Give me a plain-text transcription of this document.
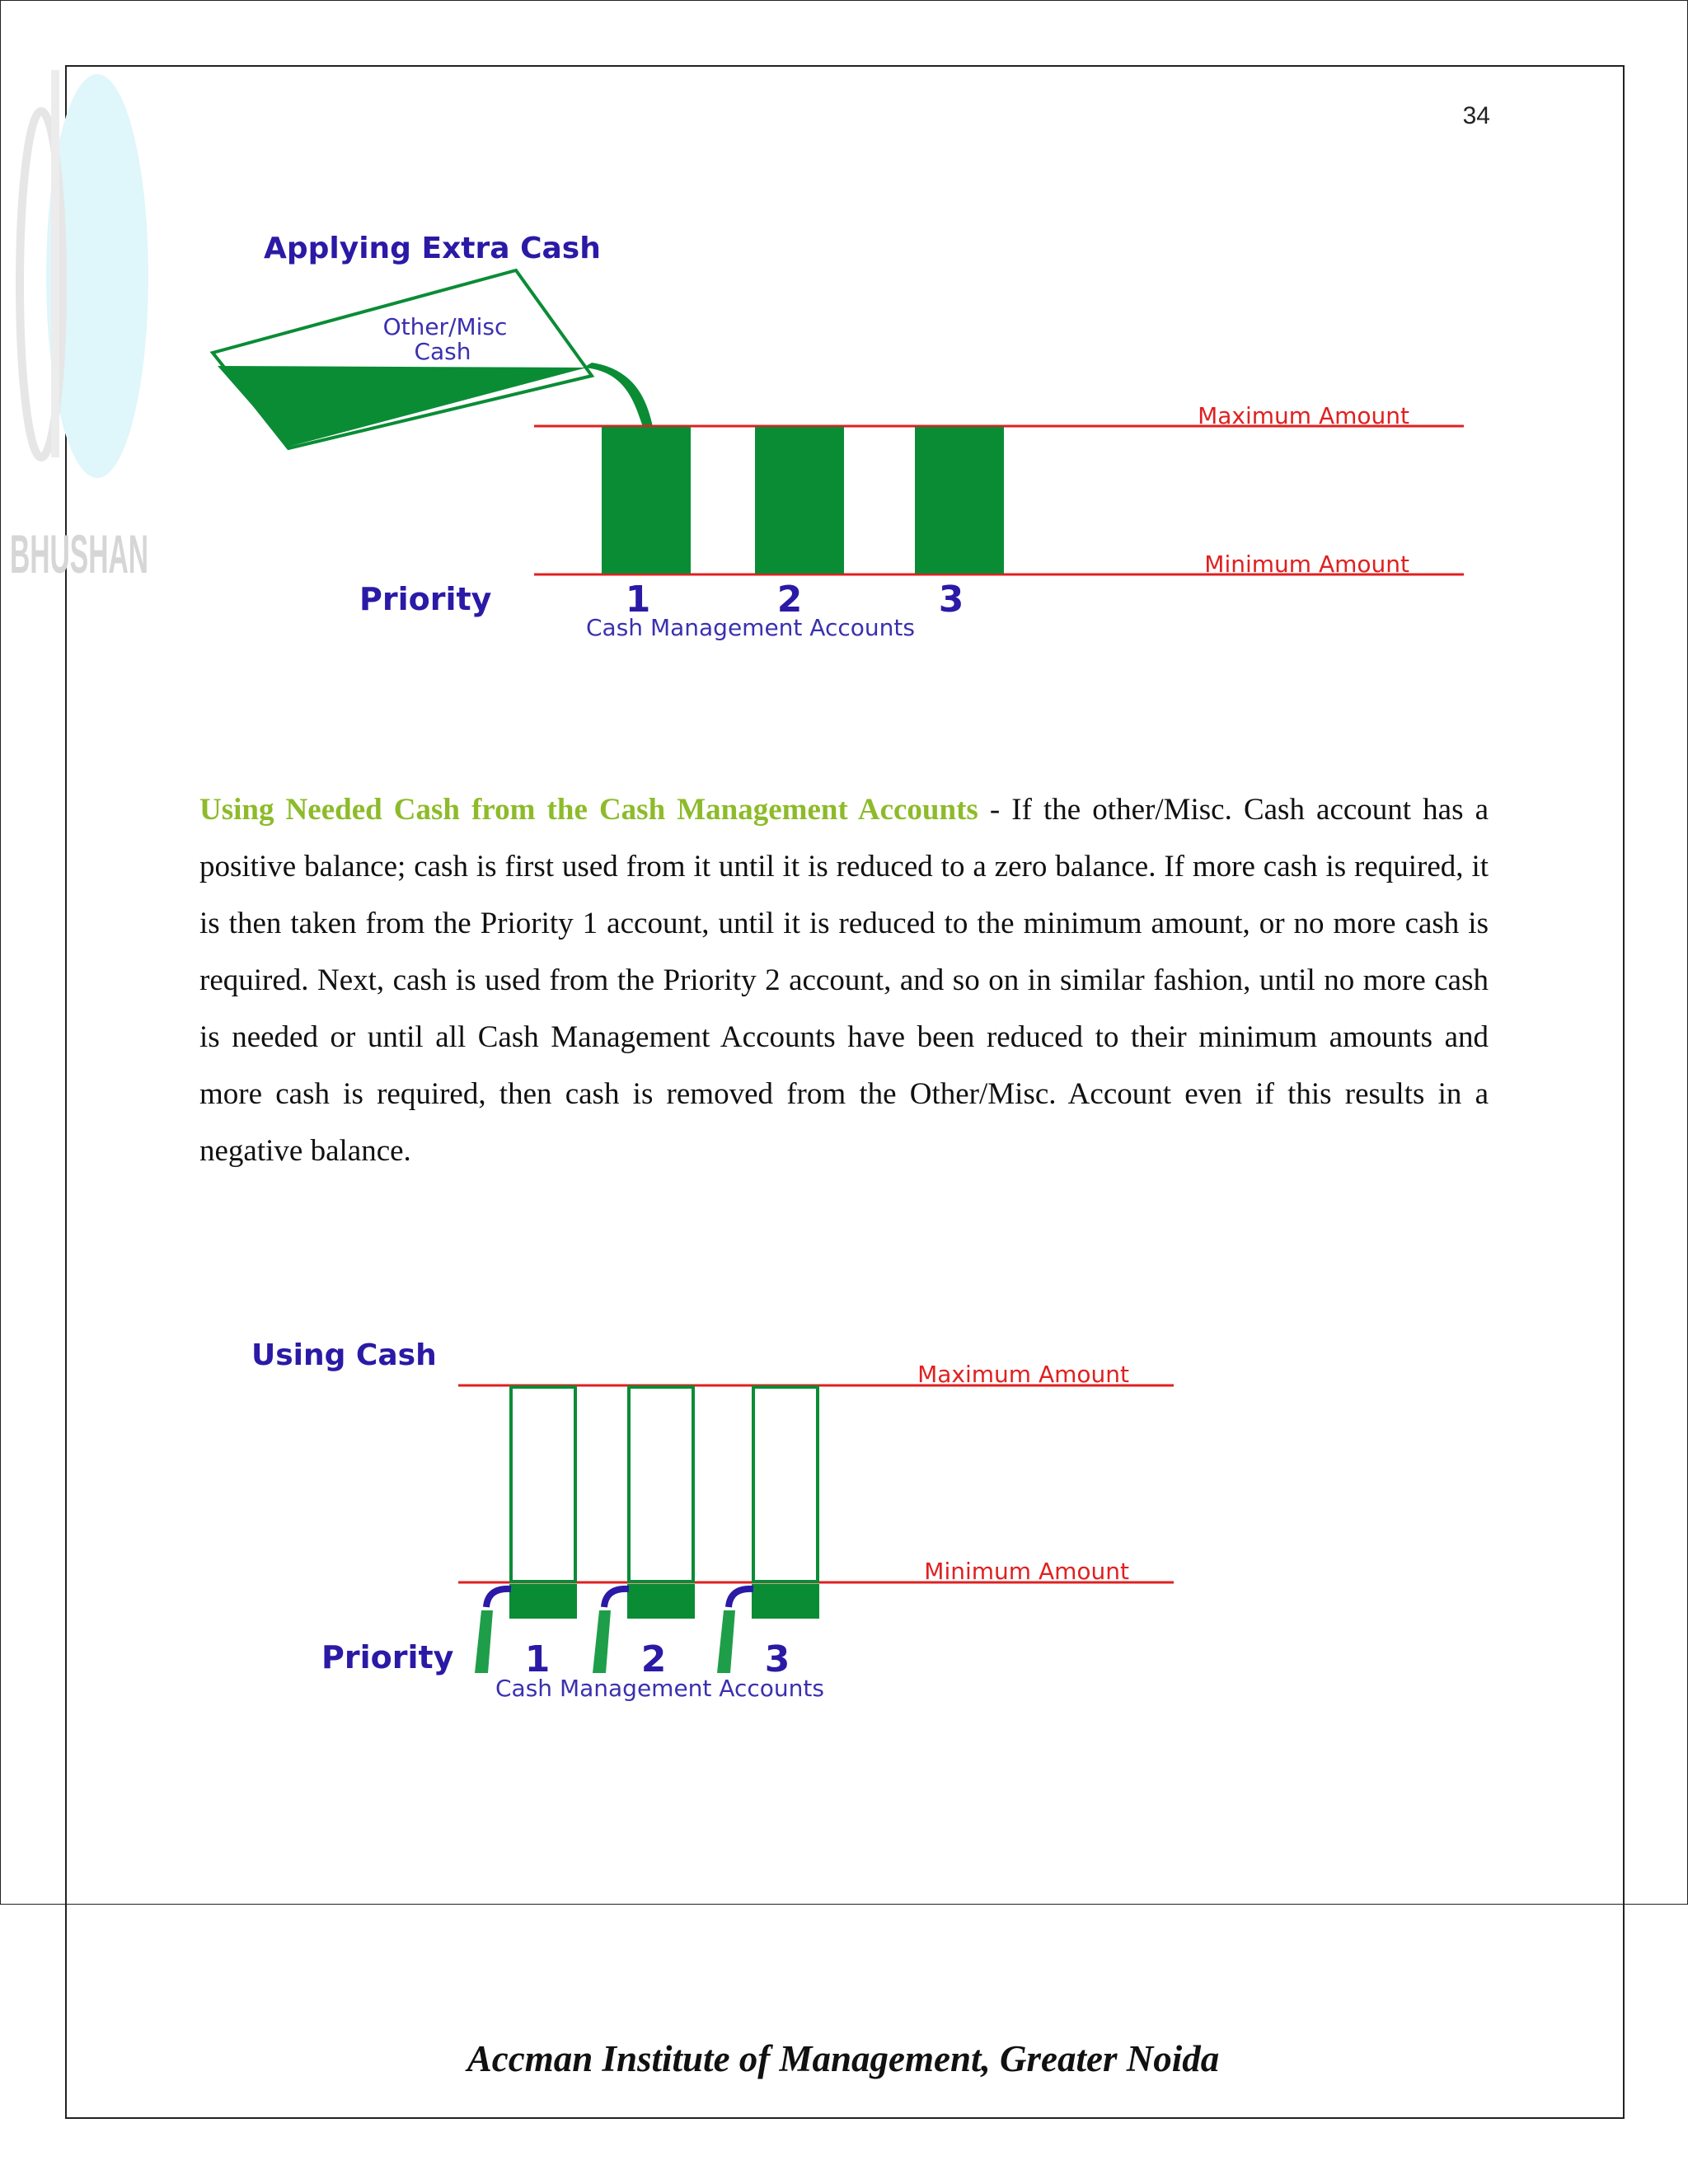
BHUSHAN
34
Applying Extra Cash
Other/Misc
Cash
Maximum Amount
Minimum Amount
Priority	1	2	3
Cash Management Accounts

Using Needed Cash from the Cash Management Accounts - If the other/Misc. Cash account has a positive balance; cash is first used from it until it is reduced to a zero balance. If more cash is required, it is then taken from the Priority 1 account, until it is reduced to the minimum amount, or no more cash is required. Next, cash is used from the Priority 2 account, and so on in similar fashion, until no more cash is needed or until all Cash Management Accounts have been reduced to their minimum amounts and more cash is required, then cash is removed from the Other/Misc. Account even if this results in a negative balance.

Using Cash
Maximum Amount
Minimum Amount
Priority 1	2	3
Cash Management Accounts
Accman Institute of Management, Greater Noida
